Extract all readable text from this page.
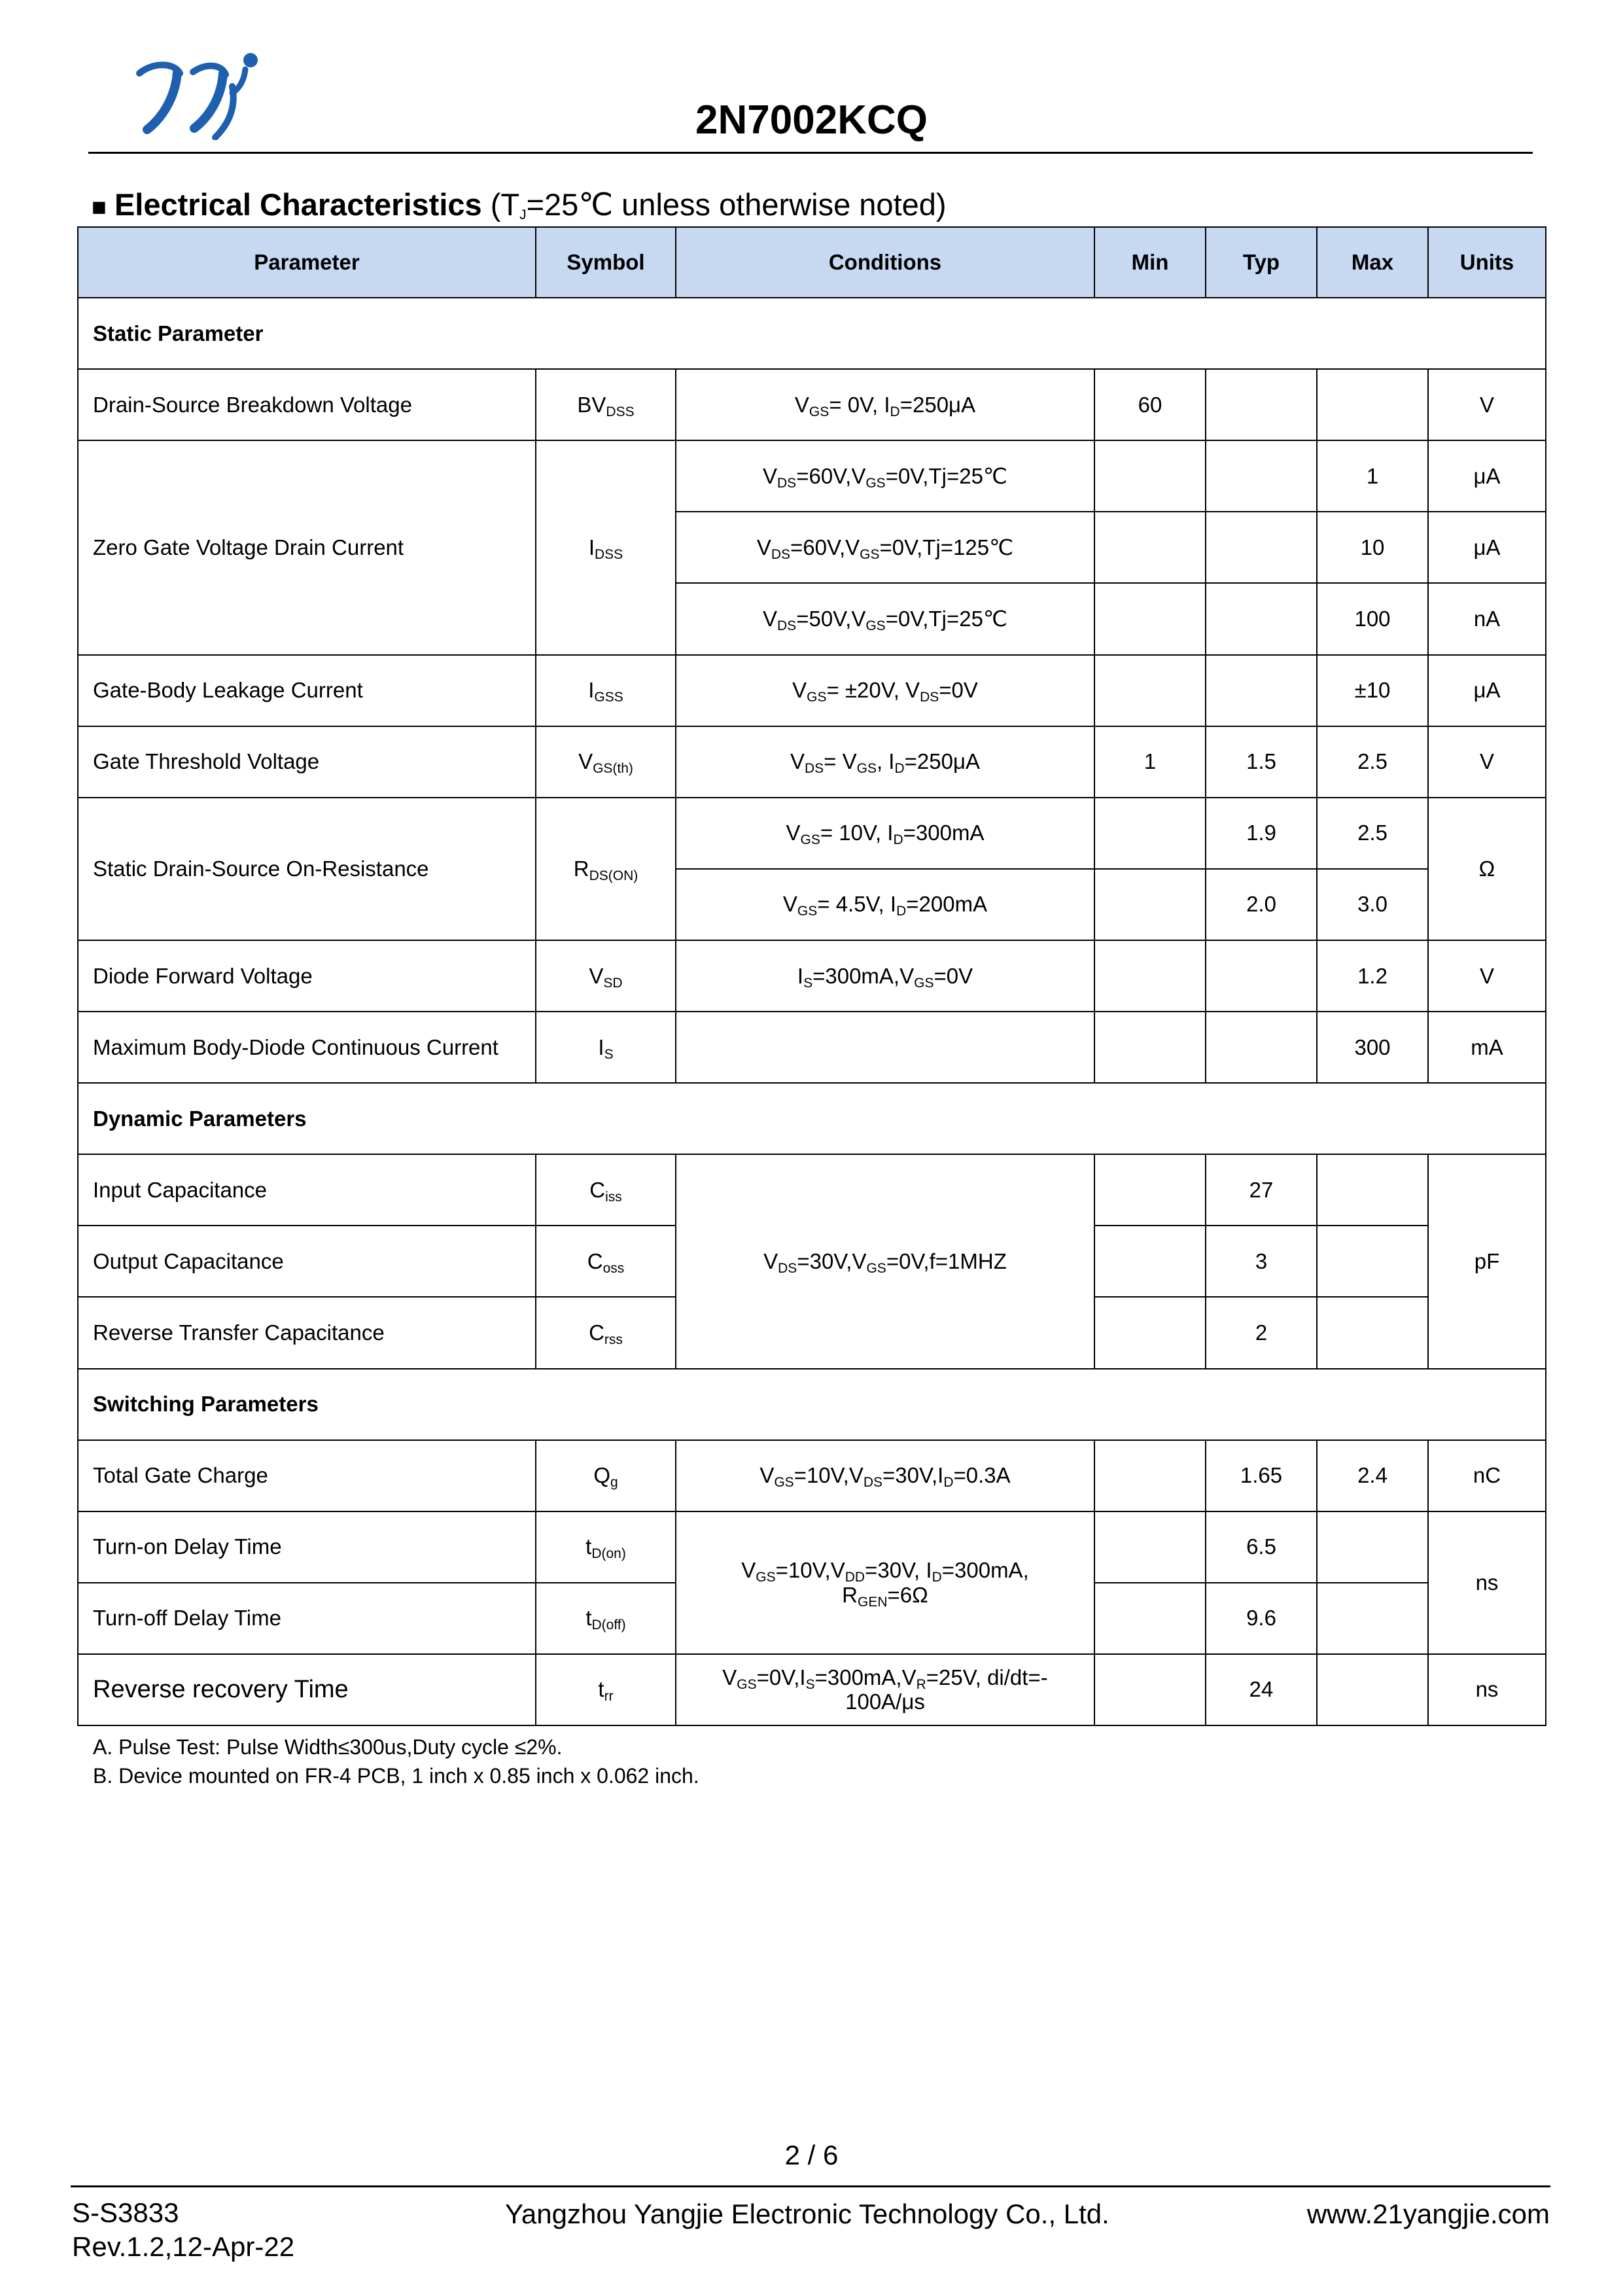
2N7002KCQ
■ Electrical Characteristics ($T_J=25℃$ unless otherwise noted)
Parameter	Symbol	Conditions	Min	Typ	Max	Units
Static Parameter						
Drain-Source Breakdown Voltage	$BV_{DSS}$	$V_{GS}= 0V$, $I_D=250\mu A$	60			V
Zero Gate Voltage Drain Current	$I_{DSS}$	$V_{DS}=60V,V_{GS}=0V,Tj=25℃$			1	μA
		$V_{DS}=60V,V_{GS}=0V,Tj=125℃$			10	μA
		$V_{DS}=50V,V_{GS}=0V,Tj=25℃$			100	nA
Gate-Body Leakage Current	$I_{GSS}$	$V_{GS}= \pm 20V$, $V_{DS}=0V$			±10	μA
Gate Threshold Voltage	$V_{GS(th)}$	$V_{DS}= V_{GS}$, $I_D=250\mu A$	1	1.5	2.5	V
Static Drain-Source On-Resistance	$R_{DS(ON)}$	$V_{GS}= 10V$, $I_D=300mA$		1.9	2.5	Ω
		$V_{GS}= 4.5V$, $I_D=200mA$		2.0	3.0	
Diode Forward Voltage	$V_{SD}$	$I_S=300mA,V_{GS}=0V$			1.2	V
Maximum Body-Diode Continuous Current	$I_S$				300	mA
Dynamic Parameters						
Input Capacitance	$C_{iss}$	$V_{DS}=30V,V_{GS}=0V,f=1MHZ$		27		pF
Output Capacitance	$C_{oss}$			3		
Reverse Transfer Capacitance	$C_{rss}$			2		
Switching Parameters						
Total Gate Charge	$Q_g$	$V_{GS}=10V,V_{DS}=30V,I_D=0.3A$		1.65	2.4	nC
Turn-on Delay Time	$t_{D(on)}$	$V_{GS}=10V,V_{DD}=30V$, $I_D=300mA$,
$R_{GEN}=6\Omega$		6.5		ns
Turn-off Delay Time	$t_{D(off)}$			9.6		
Reverse recovery Time	$t_{rr}$	$V_{GS}=0V,I_S=300mA,V_R=25V$, di/dt=-
100A/μs		24		ns
A. Pulse Test: Pulse Width≤300us,Duty cycle ≤2%.
B. Device mounted on FR-4 PCB, 1 inch x 0.85 inch x 0.062 inch.
2 / 6
S-S3833
Rev.1.2,12-Apr-22
Yangzhou Yangjie Electronic Technology Co., Ltd.	www.21yangjie.com
